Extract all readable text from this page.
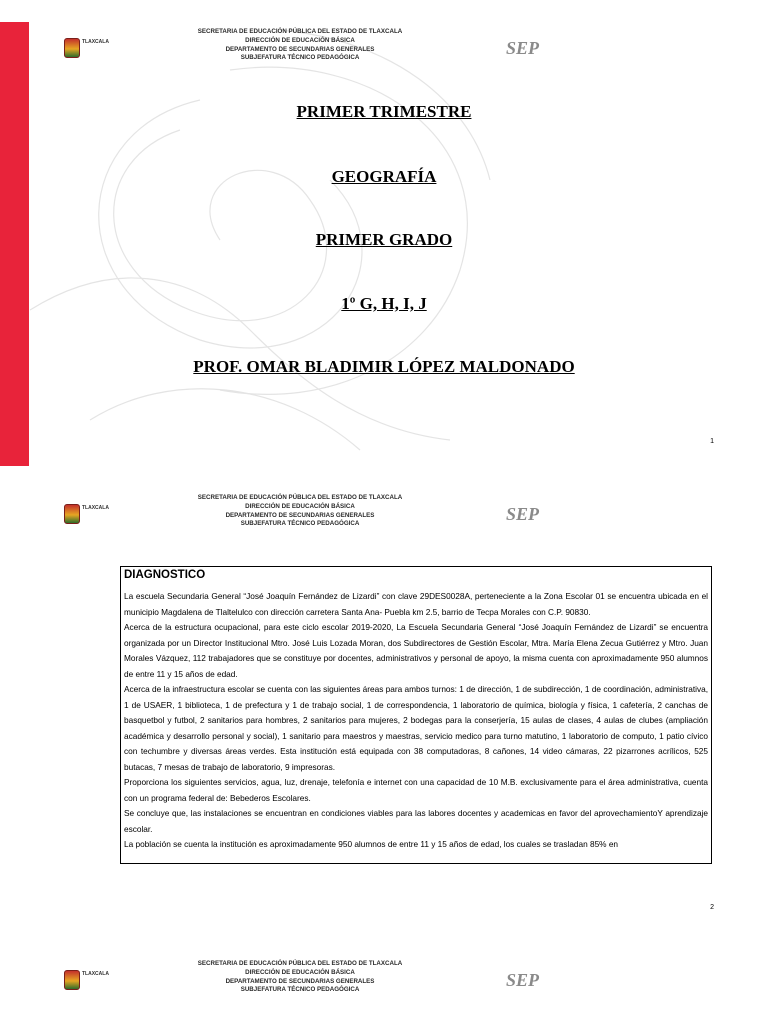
TLAXCALA
SECRETARIA DE EDUCACIÓN PÚBLICA DEL ESTADO DE TLAXCALA
DIRECCIÓN DE EDUCACIÓN BÁSICA
DEPARTAMENTO DE SECUNDARIAS GENERALES
SUBJEFATURA TÉCNICO PEDAGÓGICA	SEP
PRIMER TRIMESTRE
GEOGRAFÍA
PRIMER GRADO
1º G, H, I, J
PROF. OMAR BLADIMIR LÓPEZ MALDONADO
1
TLAXCALA
SECRETARIA DE EDUCACIÓN PÚBLICA DEL ESTADO DE TLAXCALA
DIRECCIÓN DE EDUCACIÓN BÁSICA
DEPARTAMENTO DE SECUNDARIAS GENERALES
SUBJEFATURA TÉCNICO PEDAGÓGICA	SEP
DIAGNOSTICO

La escuela Secundaria General “José Joaquín Fernández de Lizardi” con clave 29DES0028A, perteneciente a la Zona Escolar 01 se encuentra ubicada en el municipio Magdalena de Tlaltelulco con dirección carretera Santa Ana- Puebla km 2.5, barrio de Tecpa Morales con C.P. 90830.

Acerca de la estructura ocupacional, para este ciclo escolar 2019-2020, La Escuela Secundaria General “José Joaquín Fernández de Lizardi” se encuentra organizada por un Director Institucional Mtro. José Luis Lozada Moran, dos Subdirectores de Gestión Escolar, Mtra. María Elena Zecua Gutiérrez y Mtro. Juan Morales Vázquez, 112 trabajadores que se constituye por docentes, administrativos y personal de apoyo, la misma cuenta con aproximadamente 950 alumnos de entre 11 y 15 años de edad.

Acerca de la infraestructura escolar se cuenta con las siguientes áreas para ambos turnos: 1 de dirección, 1 de subdirección, 1 de coordinación, administrativa, 1 de USAER, 1 biblioteca, 1 de prefectura y 1 de trabajo social, 1 de correspondencia, 1 laboratorio de química, biología y física, 1 cafetería, 2 canchas de basquetbol y futbol, 2 sanitarios para hombres, 2 sanitarios para mujeres, 2 bodegas para la conserjería, 15 aulas de clases, 4 aulas de clubes (ampliación académica y desarrollo personal y social), 1 sanitario para maestros y maestras, servicio medico para turno matutino, 1 laboratorio de computo, 1 patio cívico con techumbre y diversas áreas verdes. Esta institución está equipada con 38 computadoras, 8 cañones, 14 video cámaras, 22 pizarrones acrílicos, 525 butacas, 7 mesas de trabajo de laboratorio, 9 impresoras.

Proporciona los siguientes servicios, agua, luz, drenaje, telefonía e internet con una capacidad de 10 M.B. exclusivamente para el área administrativa, cuenta con un programa federal de: Bebederos Escolares.

Se concluye que, las instalaciones se encuentran en condiciones viables para las labores docentes y academicas en favor del aprovechamientoY aprendizaje escolar.

La población se cuenta la institución es aproximadamente 950 alumnos de entre 11 y 15 años de edad, los cuales se trasladan 85% en

2
TLAXCALA
SECRETARIA DE EDUCACIÓN PÚBLICA DEL ESTADO DE TLAXCALA
DIRECCIÓN DE EDUCACIÓN BÁSICA
DEPARTAMENTO DE SECUNDARIAS GENERALES
SUBJEFATURA TÉCNICO PEDAGÓGICA	SEP
